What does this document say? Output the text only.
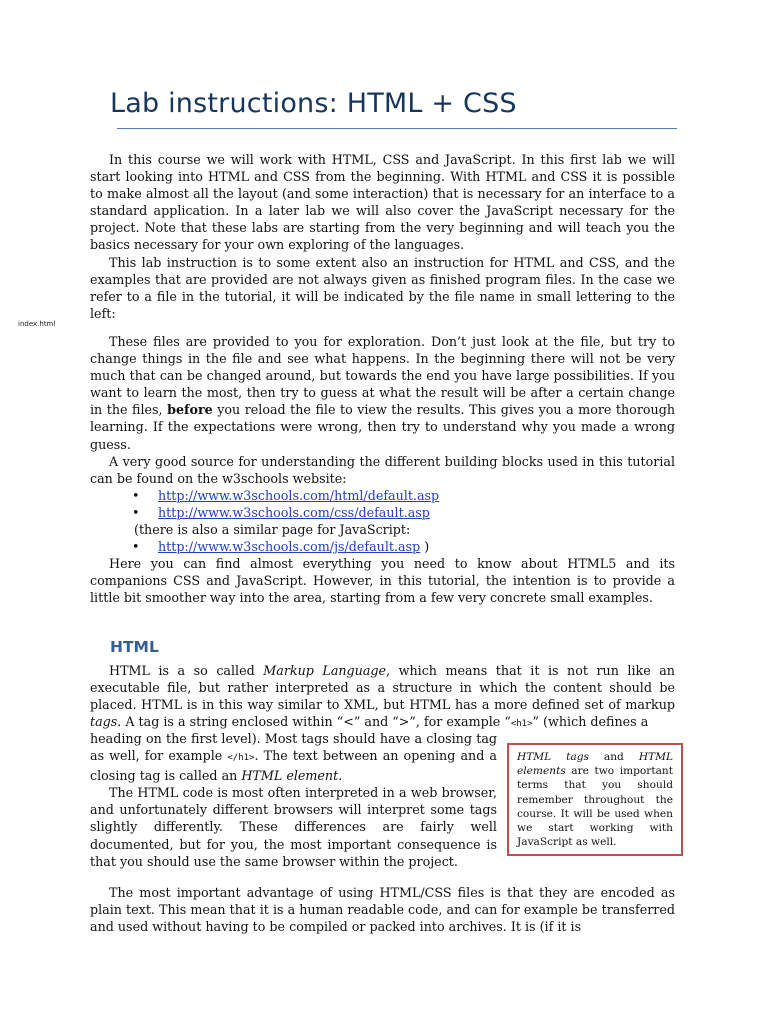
Lab instructions: HTML + CSS
index.html

In this course we will work with HTML, CSS and JavaScript. In this first lab we will start looking into HTML and CSS from the beginning. With HTML and CSS it is possible to make almost all the layout (and some interaction) that is necessary for an interface to a standard application. In a later lab we will also cover the JavaScript necessary for the project. Note that these labs are starting from the very beginning and will teach you the basics necessary for your own exploring of the languages.

This lab instruction is to some extent also an instruction for HTML and CSS, and the examples that are provided are not always given as finished program files. In the case we refer to a file in the tutorial, it will be indicated by the file name in small lettering to the left:

These files are provided to you for exploration. Don’t just look at the file, but try to change things in the file and see what happens. In the beginning there will not be very much that can be changed around, but towards the end you have large possibilities. If you want to learn the most, then try to guess at what the result will be after a certain change in the files, before you reload the file to view the results. This gives you a more thorough learning. If the expectations were wrong, then try to understand why you made a wrong guess.

A very good source for understanding the different building blocks used in this tutorial can be found on the w3schools website:

• http://www.w3schools.com/html/default.asp
• http://www.w3schools.com/css/default.asp
(there is also a similar page for JavaScript:
• http://www.w3schools.com/js/default.asp )

Here you can find almost everything you need to know about HTML5 and its companions CSS and JavaScript. However, in this tutorial, the intention is to provide a little bit smoother way into the area, starting from a few very concrete small examples.

HTML

HTML is a so called Markup Language, which means that it is not run like an executable file, but rather interpreted as a structure in which the content should be placed. HTML is in this way similar to XML, but HTML has a more defined set of markup tags. A tag is a string enclosed within “<” and “>”, for example “<h1>” (which defines a

heading on the first level). Most tags should have a closing tag as well, for example </h1>. The text between an opening and a closing tag is called an HTML element.

The HTML code is most often interpreted in a web browser, and unfortunately different browsers will interpret some tags slightly differently. These differences are fairly well documented, but for you, the most important consequence is that you should use the same browser within the project.

The most important advantage of using HTML/CSS files is that they are encoded as plain text. This mean that it is a human readable code, and can for example be transferred and used without having to be compiled or packed into archives. It is (if it is

HTML tags and HTML elements are two important terms that you should remember throughout the course. It will be used when we start working with JavaScript as well.
